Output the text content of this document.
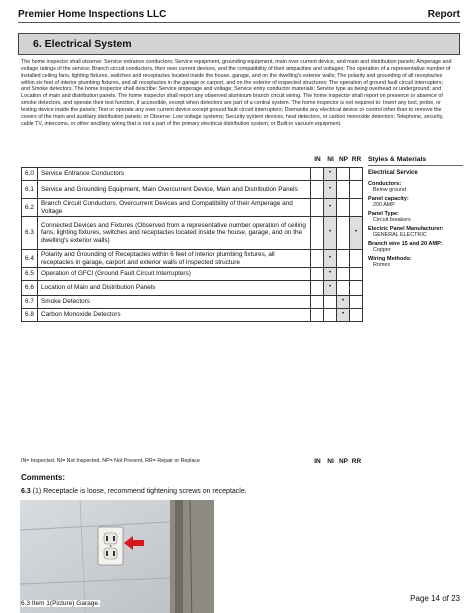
Premier Home Inspections LLC	Report
6. Electrical System
The home inspector shall observe: Service entrance conductors; Service equipment, grounding equipment, main over current device, and main and distribution panels; Amperage and voltage ratings of the service; Branch circuit conductors, their over current devices, and the compatibility of their ampacities and voltages; The operation of a representative number of installed ceiling fans, lighting fixtures, switches and receptacles located inside the house, garage, and on the dwelling's exterior walls; The polarity and grounding of all receptacles within six feet of interior plumbing fixtures, and all receptacles in the garage or carport, and on the exterior of inspected structures; The operation of ground fault circuit interrupters; and Smoke detectors. The home inspector shall describe: Service amperage and voltage; Service entry conductor materials; Service type as being overhead or underground; and Location of main and distribution panels. The home inspector shall report any observed aluminum branch circuit wiring. The home inspector shall report on presence or absence of smoke detectors, and operate their test function, if accessible, except when detectors are part of a central system. The home inspector is not required to: Insert any tool, probe, or testing device inside the panels; Test or operate any over current device except ground fault circuit interrupters; Dismantle any electrical device or control other than to remove the covers of the main and auxiliary distribution panels; or Observe: Low voltage systems; Security system devices, heat detectors, or carbon monoxide detectors; Telephone, security, cable TV, intercoms, or other ancillary wiring that is not a part of the primary electrical distribution system; or Built-in vacuum equipment.
IN	NI NP RR
6.0	Service Entrance Conductors		•		
6.1	Service and Grounding Equipment, Main Overcurrent Device, Main and Distribution Panels		•		
6.2	Branch Circuit Conductors, Overcurrent Devices and Compatibility of their Amperage and Voltage		•		
6.3	Connected Devices and Fixtures (Observed from a representative number operation of ceiling fans, lighting fixtures, switches and receptacles located inside the house, garage, and on the dwelling's exterior walls)		•		•
6.4	Polarity and Grounding of Receptacles within 6 feet of interior plumbing fixtures, all receptacles in garage, carport and exterior walls of inspected structure		•		
6.5	Operation of GFCI (Ground Fault Circuit Interrupters)		•		
6.6	Location of Main and Distribution Panels		•		
6.7	Smoke Detectors			•	
6.8	Carbon Monoxide Detectors			•	
IN= Inspected, NI= Not Inspected, NP= Not Present, RR= Repair or Replace	IN	NI NP RR
Styles & Materials
Electrical Service
Conductors:
Below ground
Panel capacity:
200 AMP
Panel Type:
Circuit breakers
Electric Panel Manufacturer:
GENERAL ELECTRIC
Branch wire 15 and 20 AMP:
Copper
Wiring Methods:
Romex
Comments:
6.3 (1) Receptacle is loose, recommend tightening screws on receptacle.
6.3 Item 1(Picture) Garage.
Page 14 of 23
